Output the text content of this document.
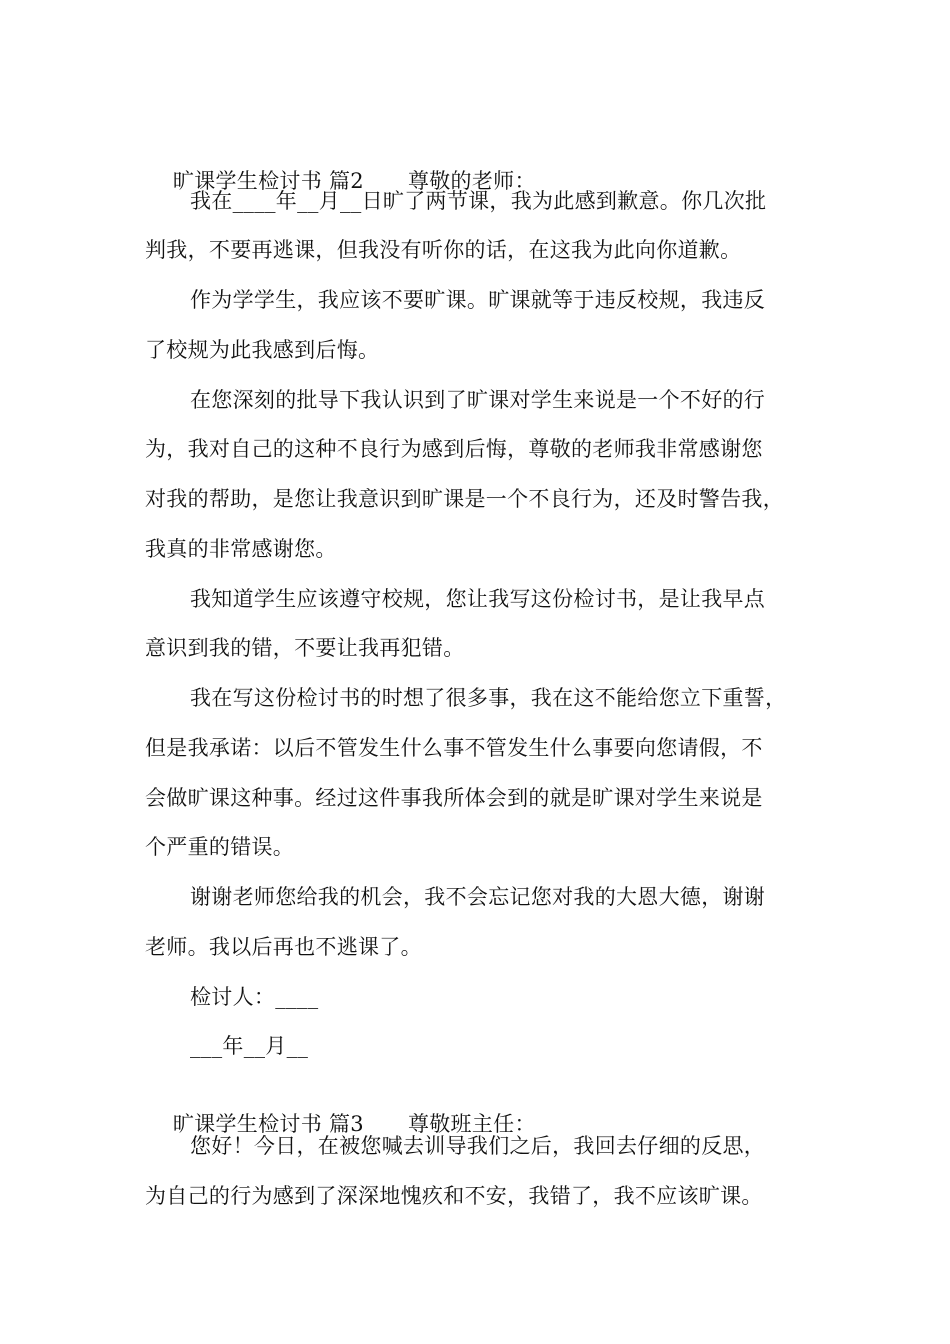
旷课学生检讨书 篇2 尊敬的老师：

我在____年__月__日旷了两节课，我为此感到歉意。你几次批
判我，不要再逃课，但我没有听你的话，在这我为此向你道歉。
作为学学生，我应该不要旷课。旷课就等于违反校规，我违反
了校规为此我感到后悔。
在您深刻的批导下我认识到了旷课对学生来说是一个不好的行
为，我对自己的这种不良行为感到后悔，尊敬的老师我非常感谢您
对我的帮助，是您让我意识到旷课是一个不良行为，还及时警告我，
我真的非常感谢您。
我知道学生应该遵守校规，您让我写这份检讨书，是让我早点
意识到我的错，不要让我再犯错。
我在写这份检讨书的时想了很多事，我在这不能给您立下重誓，
但是我承诺：以后不管发生什么事不管发生什么事要向您请假，不
会做旷课这种事。经过这件事我所体会到的就是旷课对学生来说是
个严重的错误。
谢谢老师您给我的机会，我不会忘记您对我的大恩大德，谢谢
老师。我以后再也不逃课了。
检讨人：____
___年__月__

旷课学生检讨书 篇3 尊敬班主任：

您好！今日，在被您喊去训导我们之后，我回去仔细的反思，
为自己的行为感到了深深地愧疚和不安，我错了，我不应该旷课。
